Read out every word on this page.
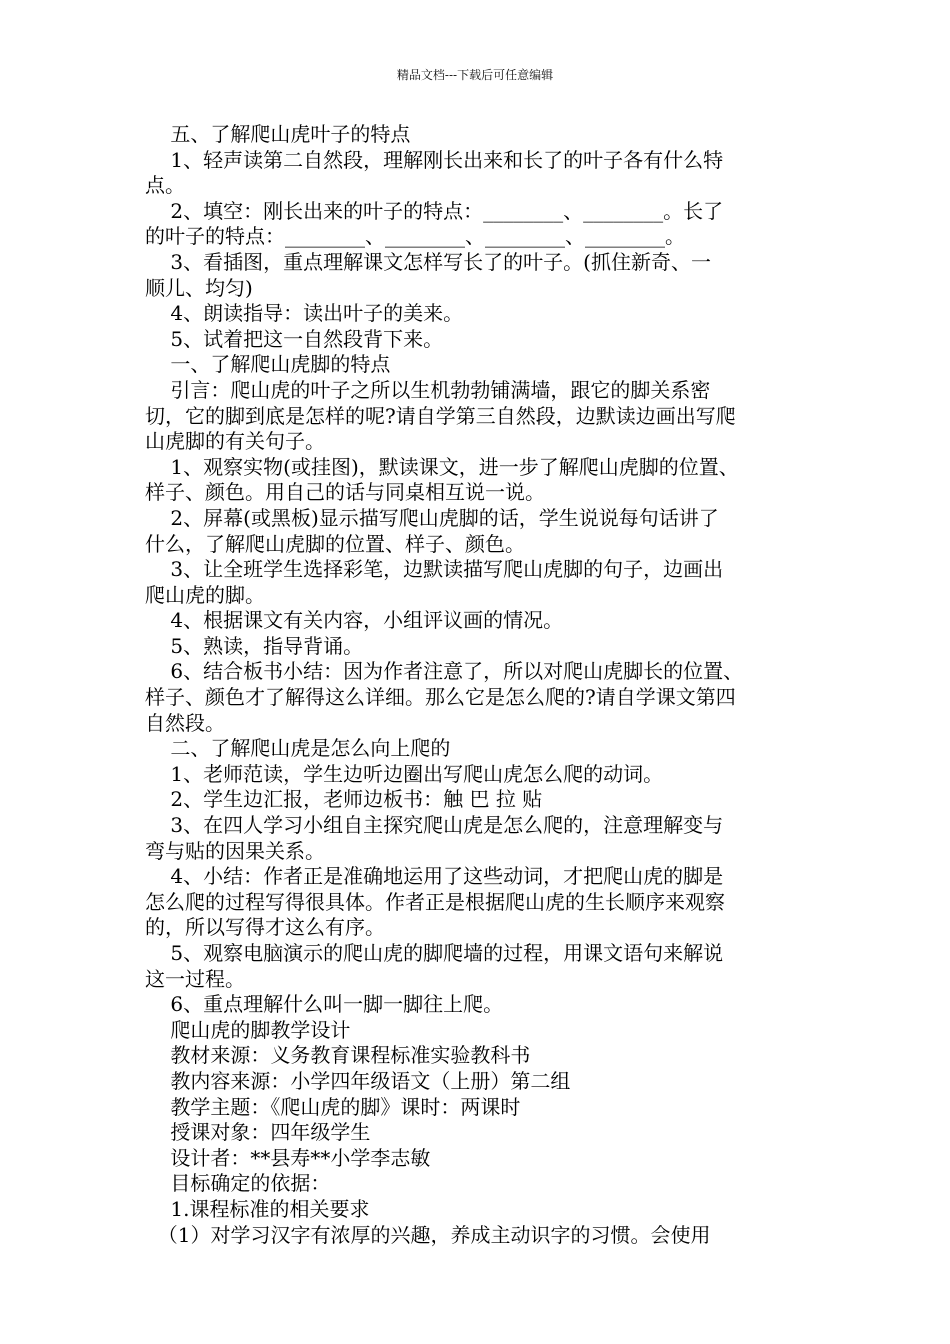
精品文档---下载后可任意编辑

五、了解爬山虎叶子的特点

1、轻声读第二自然段，理解刚长出来和长了的叶子各有什么特

点。

2、填空：刚长出来的叶子的特点：________、________。长了

的叶子的特点：________、________、________、________。

3、看插图，重点理解课文怎样写长了的叶子。(抓住新奇、一

顺儿、均匀)

4、朗读指导：读出叶子的美来。

5、试着把这一自然段背下来。

一、了解爬山虎脚的特点

引言：爬山虎的叶子之所以生机勃勃铺满墙，跟它的脚关系密

切，它的脚到底是怎样的呢?请自学第三自然段，边默读边画出写爬

山虎脚的有关句子。

1、观察实物(或挂图)，默读课文，进一步了解爬山虎脚的位置、

样子、颜色。用自己的话与同桌相互说一说。

2、屏幕(或黑板)显示描写爬山虎脚的话，学生说说每句话讲了

什么，了解爬山虎脚的位置、样子、颜色。

3、让全班学生选择彩笔，边默读描写爬山虎脚的句子，边画出

爬山虎的脚。

4、根据课文有关内容，小组评议画的情况。

5、熟读，指导背诵。

6、结合板书小结：因为作者注意了，所以对爬山虎脚长的位置、

样子、颜色才了解得这么详细。那么它是怎么爬的?请自学课文第四

自然段。

二、了解爬山虎是怎么向上爬的

1、老师范读，学生边听边圈出写爬山虎怎么爬的动词。

2、学生边汇报，老师边板书：触 巴 拉 贴

3、在四人学习小组自主探究爬山虎是怎么爬的，注意理解变与

弯与贴的因果关系。

4、小结：作者正是准确地运用了这些动词，才把爬山虎的脚是

怎么爬的过程写得很具体。作者正是根据爬山虎的生长顺序来观察

的，所以写得才这么有序。

5、观察电脑演示的爬山虎的脚爬墙的过程，用课文语句来解说

这一过程。

6、重点理解什么叫一脚一脚往上爬。

爬山虎的脚教学设计

教材来源：义务教育课程标准实验教科书

教内容来源：小学四年级语文（上册）第二组

教学主题：《爬山虎的脚》课时：两课时

授课对象：四年级学生

设计者：**县寿**小学李志敏

目标确定的依据：

1.课程标准的相关要求

（1）对学习汉字有浓厚的兴趣，养成主动识字的习惯。会使用
